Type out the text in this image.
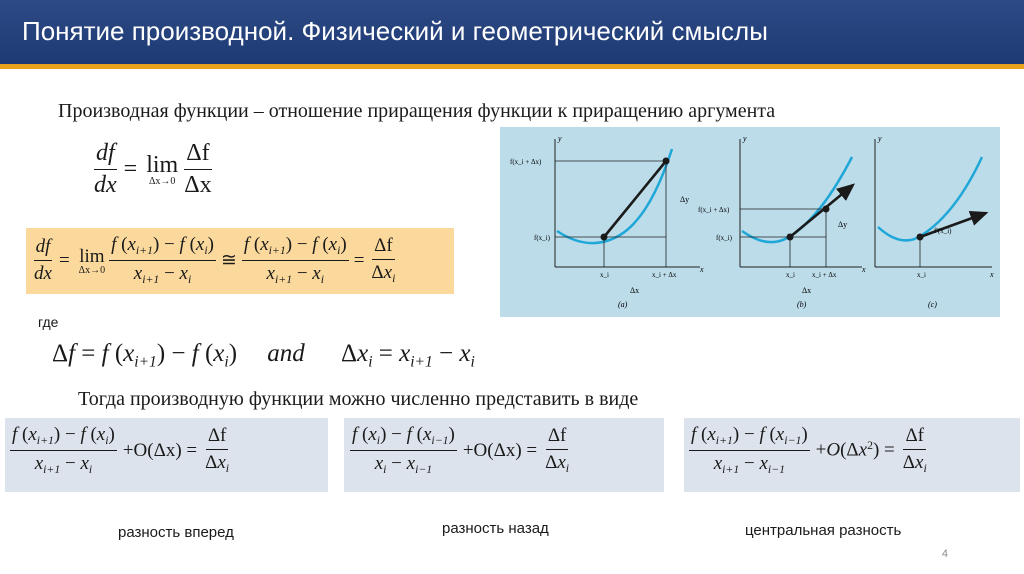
Понятие производной. Физический и геометрический смыслы
Производная функции – отношение приращения функции к приращению аргумента
$\frac{df}{dx} = \lim$
$\Delta x\to 0 \frac{\Delta f}{\Delta x}$
$\frac{df}{dx} = \lim$
$\Delta x\to 0 \frac{f (x_{i+1}) - f (x_i)}{x_{i+1} - x_i}$ ≅ $\frac{f (x_{i+1}) - f (x_i)}{x_{i+1} - x_i} = \frac{\Delta f}{\Delta x_i}$
где
Δf = f $(x_{i+1}) - f$ $(x_i)$ and $\Delta x_i = x_{i+1} - x_i$
Тогда производную функции можно численно представить в виде
$\frac{f (x_{i+1}) - f (x_i)}{x_{i+1} - x_i} +O(\Delta x) = \frac{\Delta f}{\Delta x_i}$	$\frac{f (x_i) - f (x_{i-1})}{x_i - x_{i-1}} +O(\Delta x) = \frac{\Delta f}{\Delta x_i}$	$\frac{f (x_{i+1}) - f (x_{i-1})}{x_{i+1} - x_{i-1}} +O(\Delta x^2) = \frac{\Delta f}{\Delta x_i}$
разность вперед	разность назад	центральная разность
4
y
x
f(x_i + Δx)
f(x_i)
x_i	x_i + Δx
Δy
Δx
(a)
y
x
f(x_i + Δx)
f(x_i)
x_i x_i + Δx
Δy
Δx
(b)
y
x
f′(x_i)
x_i
(c)
